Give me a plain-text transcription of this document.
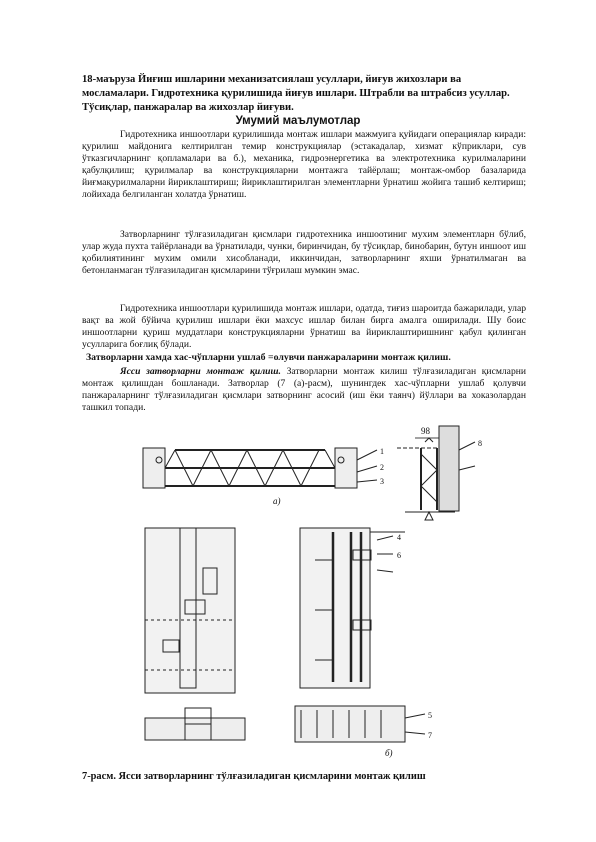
18-маъруза Йиғиш ишларини механизатсиялаш усуллари, йиғув жихозлари ва мосламалари. Гидротехника қурилишида йиғув ишлари. Штрабли ва штрабсиз усуллар. Тўсиқлар, панжаралар ва жихозлар йиғуви.
Умумий маълумотлар
Гидротехника иншоотлари қурилишида монтаж ишлари мажмуига қуйидаги операциялар киради: қурилиш майдонига келтирилган темир конструкциялар (эстакадалар, хизмат кўприклари, сув ўтказгичларнинг қопламалари ва б.), механика, гидроэнергетика ва электротехника курилмаларини қабулқилиш; қурилмалар ва конструкцияларни монтажга тайёрлаш; монтаж-омбор базаларида йиғмақурилмаларни йириклаштириш; йириклаштирилган элементларни ўрнатиш жойига ташиб келтириш; лойихада белгиланган холатда ўрнатиш.
Затворларнинг тўлғазиладиган қисмлари гидротехника иншоотиниг мухим элементларн бўлиб, улар жуда пухта тайёрланади ва ўрнатилади, чунки, биринчидан, бу тўсиқлар, бинобарин, бутун иншоот иш қобилиятининг мухим омили хисобланади, иккинчидан, затворларнинг яхши ўрнатилмаган ва бетонланмаган тўлғазиладиган қисмларини тўғрилаш мумкин эмас.
Гидротехника иншоотлари қурилишида монтаж ишлари, одатда, тиғиз шароитда бажарилади, улар вақт ва жой бўйича қурилиш ишлари ёки махсус ишлар билан бирга амалга оширилади. Шу боис иншоотларни қуриш муддатлари конструкцияларни ўрнатиш ва йириклаштиришнинг қабул қилинган усулларига боғлиқ бўлади.
Затворларни хамда хас-чўпларни ушлаб =олувчи панжараларини монтаж қилиш.
Ясси затворларни монтаж қилиш. Затворларни монтаж килиш тўлғазиладиган қисмларни монтаж қилишдан бошланади. Затворлар (7 (а)-расм), шунингдек хас-чўпларни ушлаб қолувчи панжараларнинг тўлғазиладиган қисмлари затворнинг асосий (иш ёки таянч) йўллари ва хоказолардан ташкил топади.
98
а)
б)
1
2
3
4
5
6
7
8
7-расм. Ясси затворларнинг тўлғазиладиган қисмларини монтаж қилиш
